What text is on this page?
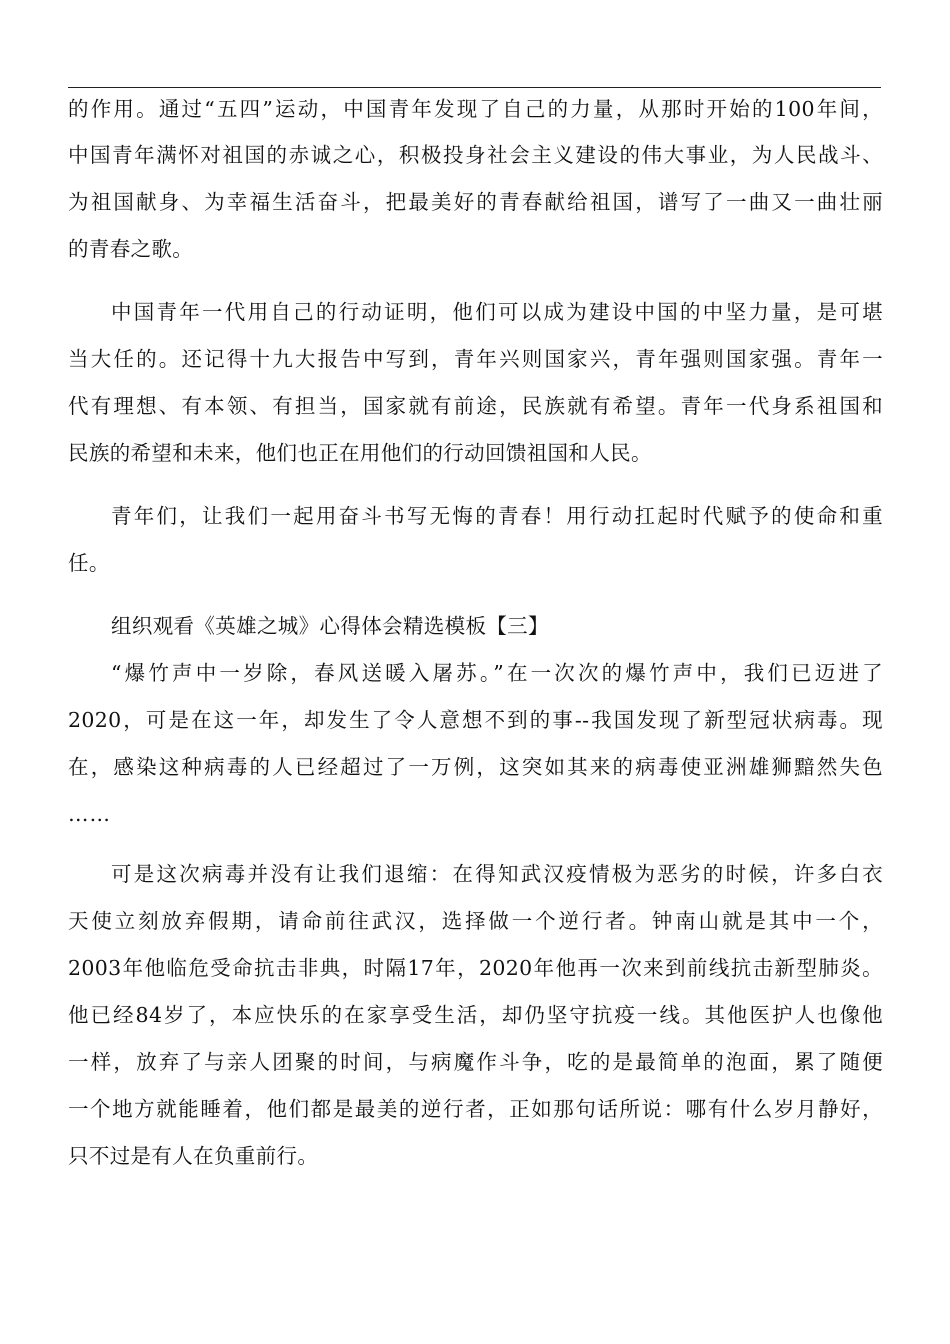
的作用。通过“五四”运动，中国青年发现了自己的力量，从那时开始的100年间，
中国青年满怀对祖国的赤诚之心，积极投身社会主义建设的伟大事业，为人民战斗、
为祖国献身、为幸福生活奋斗，把最美好的青春献给祖国，谱写了一曲又一曲壮丽
的青春之歌。
中国青年一代用自己的行动证明，他们可以成为建设中国的中坚力量，是可堪
当大任的。还记得十九大报告中写到，青年兴则国家兴，青年强则国家强。青年一
代有理想、有本领、有担当，国家就有前途，民族就有希望。青年一代身系祖国和
民族的希望和未来，他们也正在用他们的行动回馈祖国和人民。
青年们，让我们一起用奋斗书写无悔的青春！用行动扛起时代赋予的使命和重
任。
组织观看《英雄之城》心得体会精选模板【三】
“爆竹声中一岁除，春风送暖入屠苏。”在一次次的爆竹声中，我们已迈进了
2020，可是在这一年，却发生了令人意想不到的事--我国发现了新型冠状病毒。现
在，感染这种病毒的人已经超过了一万例，这突如其来的病毒使亚洲雄狮黯然失色
……
可是这次病毒并没有让我们退缩：在得知武汉疫情极为恶劣的时候，许多白衣
天使立刻放弃假期，请命前往武汉，选择做一个逆行者。钟南山就是其中一个，
2003年他临危受命抗击非典，时隔17年，2020年他再一次来到前线抗击新型肺炎。
他已经84岁了，本应快乐的在家享受生活，却仍坚守抗疫一线。其他医护人也像他
一样，放弃了与亲人团聚的时间，与病魔作斗争，吃的是最简单的泡面，累了随便
一个地方就能睡着，他们都是最美的逆行者，正如那句话所说：哪有什么岁月静好，
只不过是有人在负重前行。
